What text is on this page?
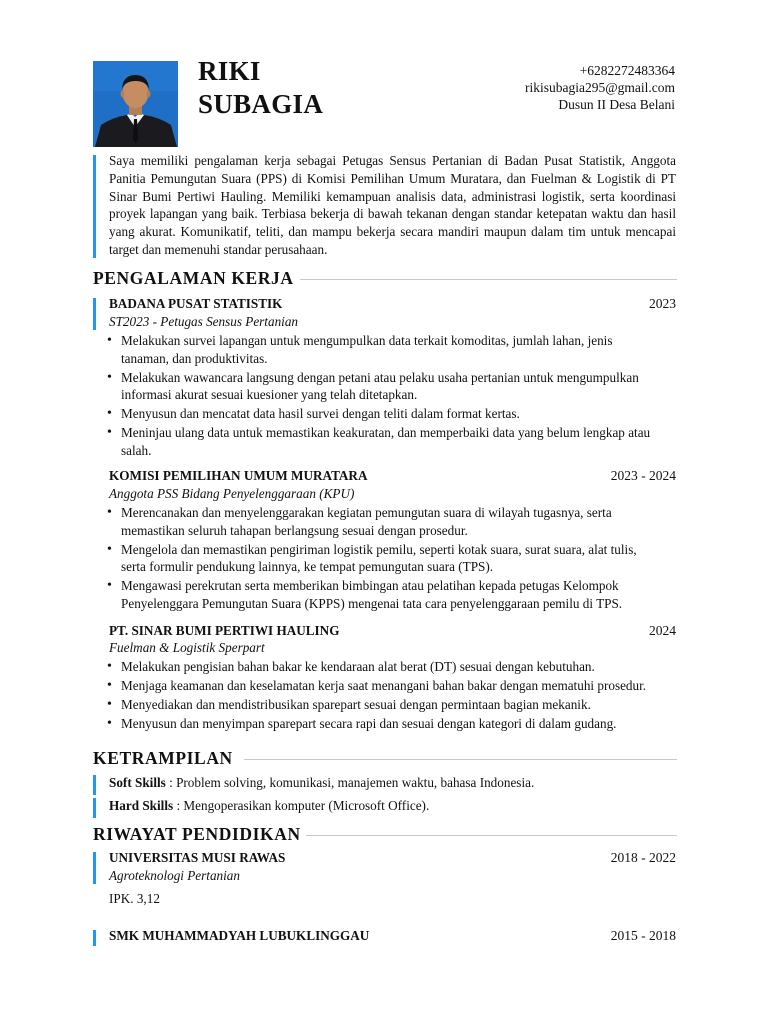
RIKI
SUBAGIA
+6282272483364
rikisubagia295@gmail.com
Dusun II Desa Belani
Saya memiliki pengalaman kerja sebagai Petugas Sensus Pertanian di Badan Pusat Statistik, Anggota Panitia Pemungutan Suara (PPS) di Komisi Pemilihan Umum Muratara, dan Fuelman & Logistik di PT Sinar Bumi Pertiwi Hauling. Memiliki kemampuan analisis data, administrasi logistik, serta koordinasi proyek lapangan yang baik. Terbiasa bekerja di bawah tekanan dengan standar ketepatan waktu dan hasil yang akurat. Komunikatif, teliti, dan mampu bekerja secara mandiri maupun dalam tim untuk mencapai target dan memenuhi standar perusahaan.
PENGALAMAN KERJA
BADANA PUSAT STATISTIK	2023
ST2023 - Petugas Sensus Pertanian
• Melakukan survei lapangan untuk mengumpulkan data terkait komoditas, jumlah lahan, jenis tanaman, dan produktivitas.
• Melakukan wawancara langsung dengan petani atau pelaku usaha pertanian untuk mengumpulkan informasi akurat sesuai kuesioner yang telah ditetapkan.
• Menyusun dan mencatat data hasil survei dengan teliti dalam format kertas.
• Meninjau ulang data untuk memastikan keakuratan, dan memperbaiki data yang belum lengkap atau salah.
KOMISI PEMILIHAN UMUM MURATARA	2023 - 2024
Anggota PSS Bidang Penyelenggaraan (KPU)
• Merencanakan dan menyelenggarakan kegiatan pemungutan suara di wilayah tugasnya, serta memastikan seluruh tahapan berlangsung sesuai dengan prosedur.
• Mengelola dan memastikan pengiriman logistik pemilu, seperti kotak suara, surat suara, alat tulis, serta formulir pendukung lainnya, ke tempat pemungutan suara (TPS).
• Mengawasi perekrutan serta memberikan bimbingan atau pelatihan kepada petugas Kelompok Penyelenggara Pemungutan Suara (KPPS) mengenai tata cara penyelenggaraan pemilu di TPS.
PT. SINAR BUMI PERTIWI HAULING	2024
Fuelman & Logistik Sperpart
• Melakukan pengisian bahan bakar ke kendaraan alat berat (DT) sesuai dengan kebutuhan.
• Menjaga keamanan dan keselamatan kerja saat menangani bahan bakar dengan mematuhi prosedur.
• Menyediakan dan mendistribusikan sparepart sesuai dengan permintaan bagian mekanik.
• Menyusun dan menyimpan sparepart secara rapi dan sesuai dengan kategori di dalam gudang.
KETRAMPILAN
Soft Skills : Problem solving, komunikasi, manajemen waktu, bahasa Indonesia.
Hard Skills : Mengoperasikan komputer (Microsoft Office).
RIWAYAT PENDIDIKAN
UNIVERSITAS MUSI RAWAS	2018 - 2022
Agroteknologi Pertanian
IPK. 3,12
SMK MUHAMMADYAH LUBUKLINGGAU	2015 - 2018
